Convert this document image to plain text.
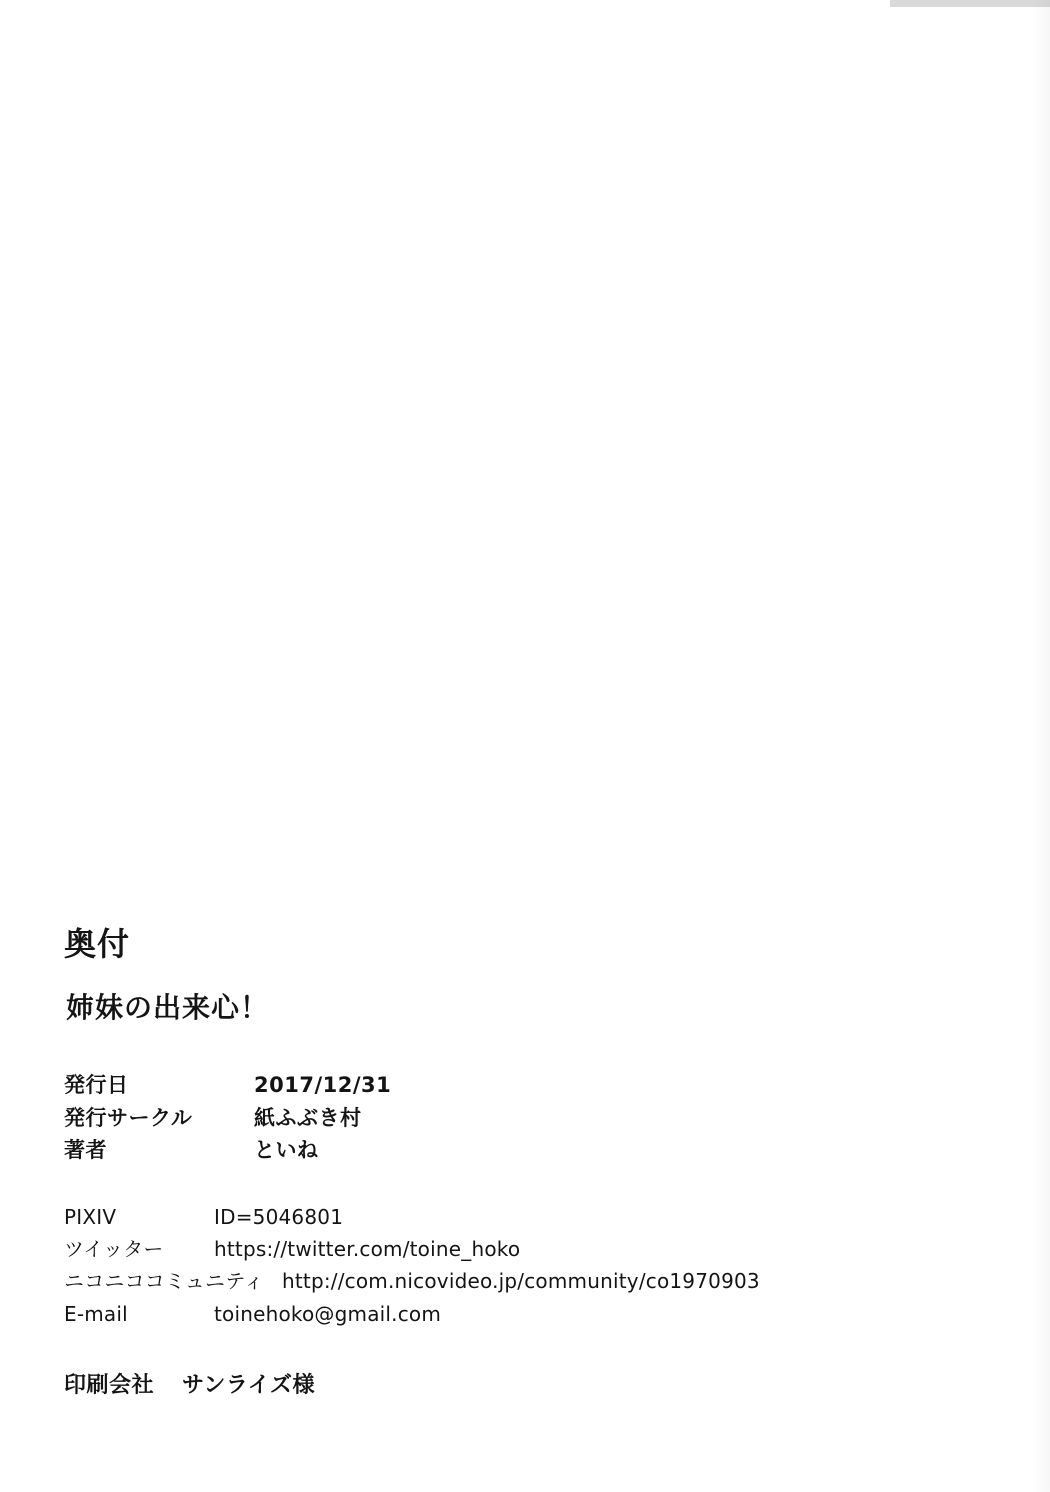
奥付
姉妹の出来心！
発行日	2017/12/31
発行サークル	紙ふぶき村
著者	といね
PIXIV	ID=5046801
ツイッター	https://twitter.com/toine_hoko
ニコニココミュニティ http://com.nicovideo.jp/community/co1970903
E-mail	toinehoko@gmail.com
印刷会社	サンライズ様
